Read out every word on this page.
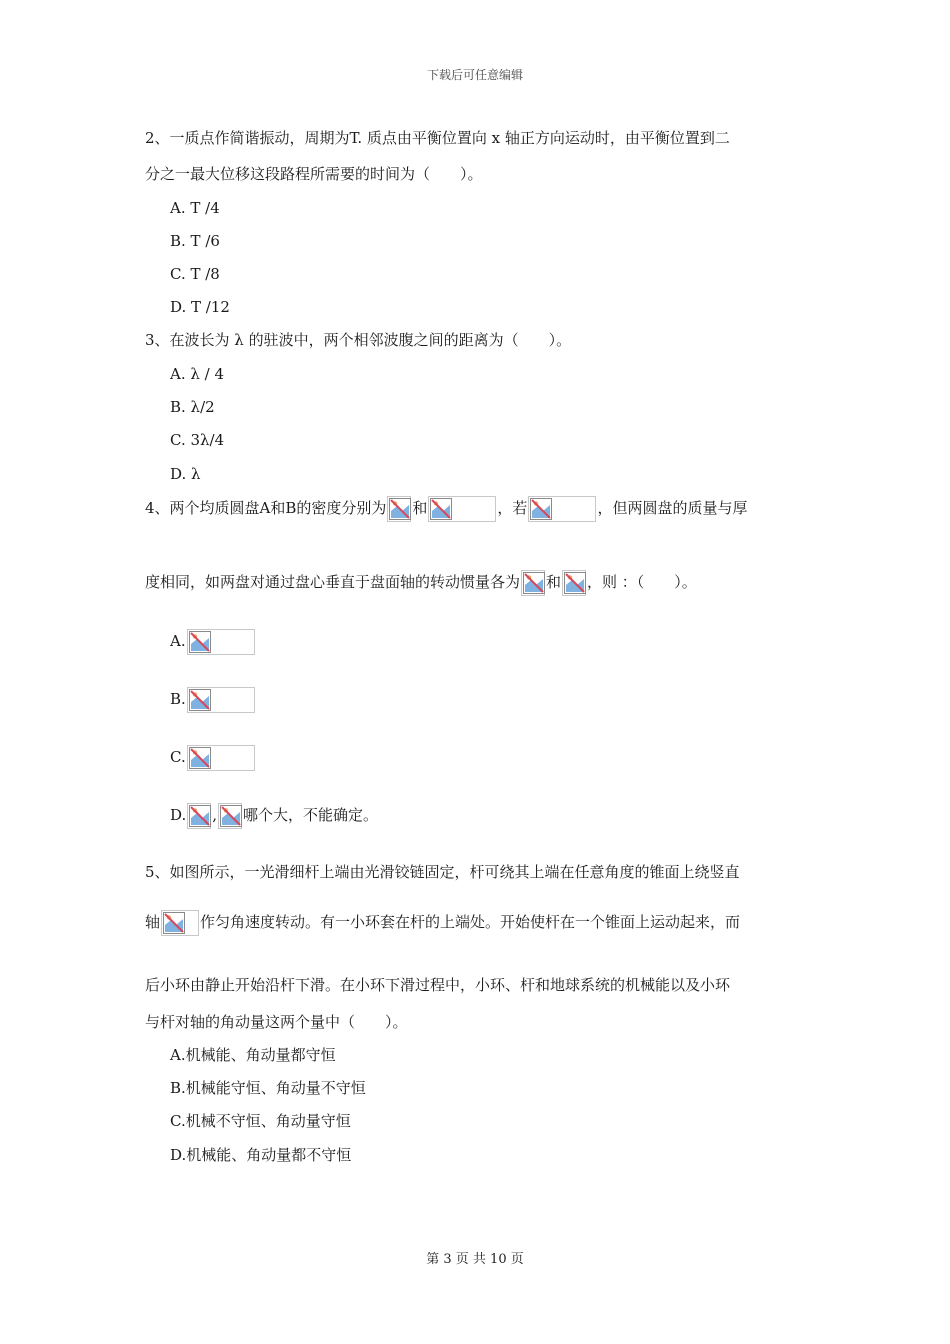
下载后可任意编辑
2、一质点作简谐振动，周期为T. 质点由平衡位置向 x 轴正方向运动时，由平衡位置到二
分之一最大位移这段路程所需要的时间为（　　）。
A. T /4
B. T /6
C. T /8
D. T /12
3、在波长为 λ 的驻波中，两个相邻波腹之间的距离为（　　）。
A. λ / 4
B. λ/2
C. 3λ/4
D. λ
4、两个均质圆盘A和B的密度分别为 和	，若	，但两圆盘的质量与厚
度相同，如两盘对通过盘心垂直于盘面轴的转动惯量各为 和 ，则 ：（　　）。
A.
B.
C.
D. , 哪个大，不能确定。
5、如图所示，一光滑细杆上端由光滑铰链固定，杆可绕其上端在任意角度的锥面上绕竖直
轴	作匀角速度转动。有一小环套在杆的上端处。开始使杆在一个锥面上运动起来，而
后小环由静止开始沿杆下滑。在小环下滑过程中，小环、杆和地球系统的机械能以及小环
与杆对轴的角动量这两个量中（　　）。
A.机械能、角动量都守恒
B.机械能守恒、角动量不守恒
C.机械不守恒、角动量守恒
D.机械能、角动量都不守恒
第 3 页 共 10 页
